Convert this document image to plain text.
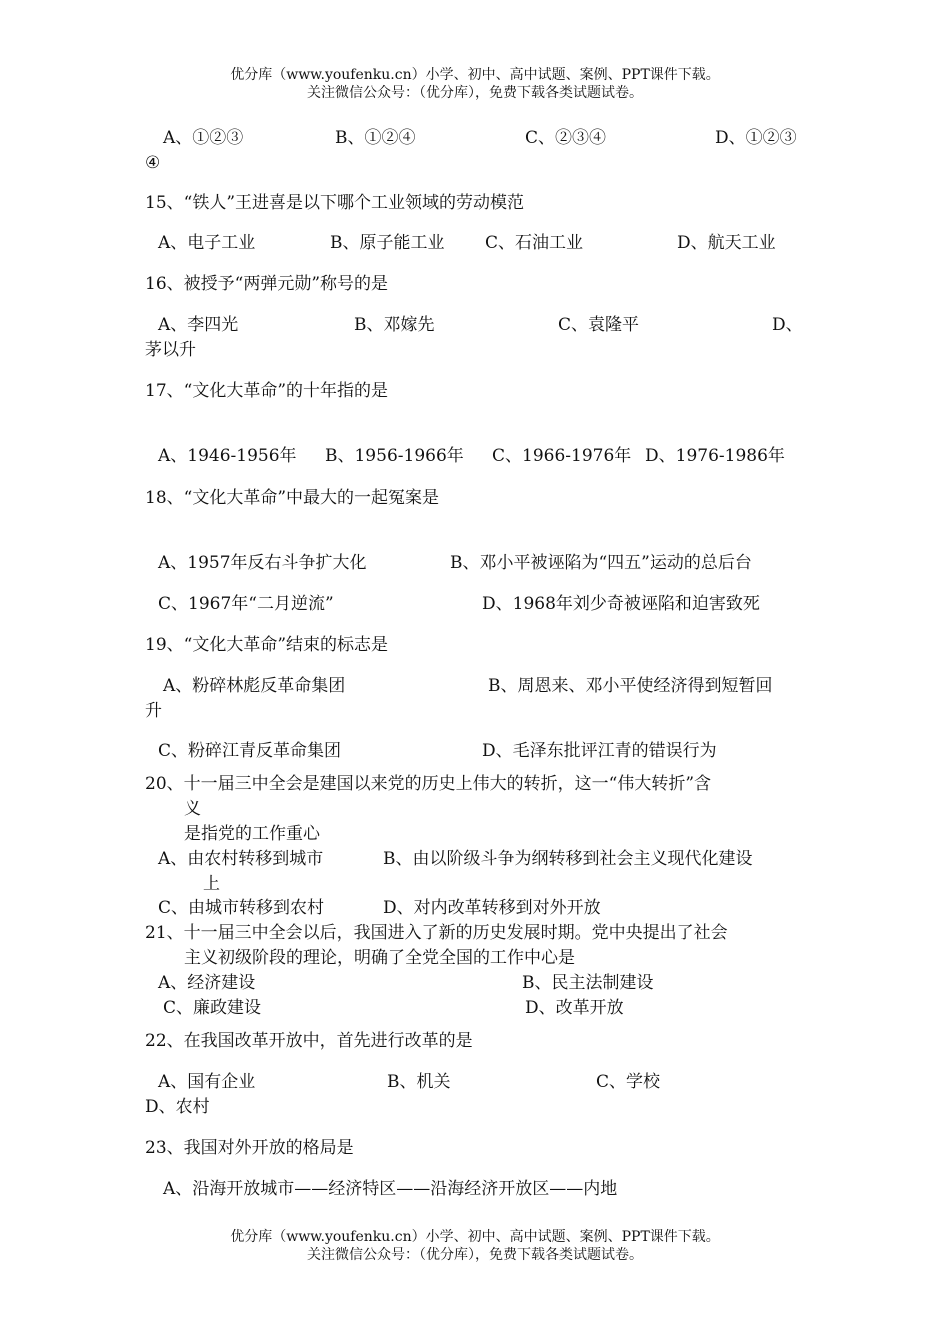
优分库（www.youfenku.cn）小学、初中、高中试题、案例、PPT课件下载。
关注微信公众号：（优分库），免费下载各类试题试卷。
A、①②③	B、①②④	C、②③④	D、①②③
④
15、“铁人”王进喜是以下哪个工业领域的劳动模范
A、电子工业	B、原子能工业 C、石油工业	D、航天工业
16、被授予“两弹元勋”称号的是
A、李四光	B、邓嫁先	C、袁隆平	D、
茅以升
17、“文化大革命”的十年指的是
A、1946-1956年 B、1956-1966年 C、1966-1976年 D、1976-1986年
18、“文化大革命”中最大的一起冤案是
A、1957年反右斗争扩大化	B、邓小平被诬陷为“四五”运动的总后台
C、1967年“二月逆流”	D、1968年刘少奇被诬陷和迫害致死
19、“文化大革命”结束的标志是
A、粉碎林彪反革命集团	B、周恩来、邓小平使经济得到短暂回
升
C、粉碎江青反革命集团	D、毛泽东批评江青的错误行为
20、十一届三中全会是建国以来党的历史上伟大的转折，这一“伟大转折”含
义
是指党的工作重心
A、由农村转移到城市	B、由以阶级斗争为纲转移到社会主义现代化建设
上
C、由城市转移到农村	D、对内改革转移到对外开放
21、十一届三中全会以后，我国进入了新的历史发展时期。党中央提出了社会
主义初级阶段的理论，明确了全党全国的工作中心是
A、经济建设	B、民主法制建设
C、廉政建设	D、改革开放
22、在我国改革开放中，首先进行改革的是
A、国有企业	B、机关	C、学校
D、农村
23、我国对外开放的格局是
A、沿海开放城市——经济特区——沿海经济开放区——内地
优分库（www.youfenku.cn）小学、初中、高中试题、案例、PPT课件下载。
关注微信公众号：（优分库），免费下载各类试题试卷。
